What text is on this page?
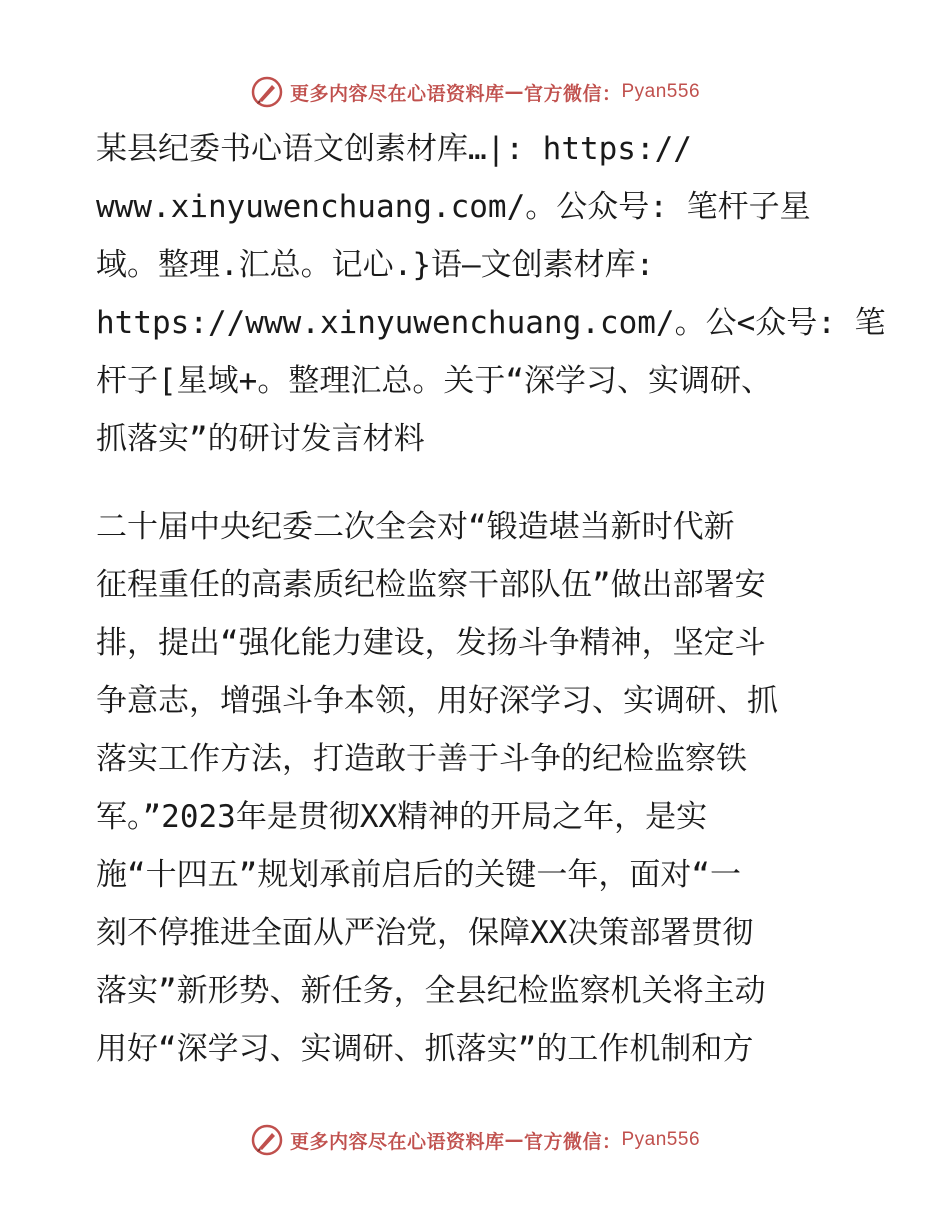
更多内容尽在心语资料库 — 官方微信： Pyan556
某县纪委书心语文创素材库…|: https://
www.xinyuwenchuang.com/。公众号: 笔杆子星
域。整理.汇总。记心.}语—文创素材库:
https://www.xinyuwenchuang.com/。公<众号: 笔
杆子[星域+。整理汇总。关于“深学习、实调研、
抓落实”的研讨发言材料
二十届中央纪委二次全会对“锻造堪当新时代新
征程重任的高素质纪检监察干部队伍”做出部署安
排，提出“强化能力建设，发扬斗争精神，坚定斗
争意志，增强斗争本领，用好深学习、实调研、抓
落实工作方法，打造敢于善于斗争的纪检监察铁
军。”2023年是贯彻XX精神的开局之年，是实
施“十四五”规划承前启后的关键一年，面对“一
刻不停推进全面从严治党，保障XX决策部署贯彻
落实”新形势、新任务，全县纪检监察机关将主动
用好“深学习、实调研、抓落实”的工作机制和方
更多内容尽在心语资料库 — 官方微信： Pyan556
